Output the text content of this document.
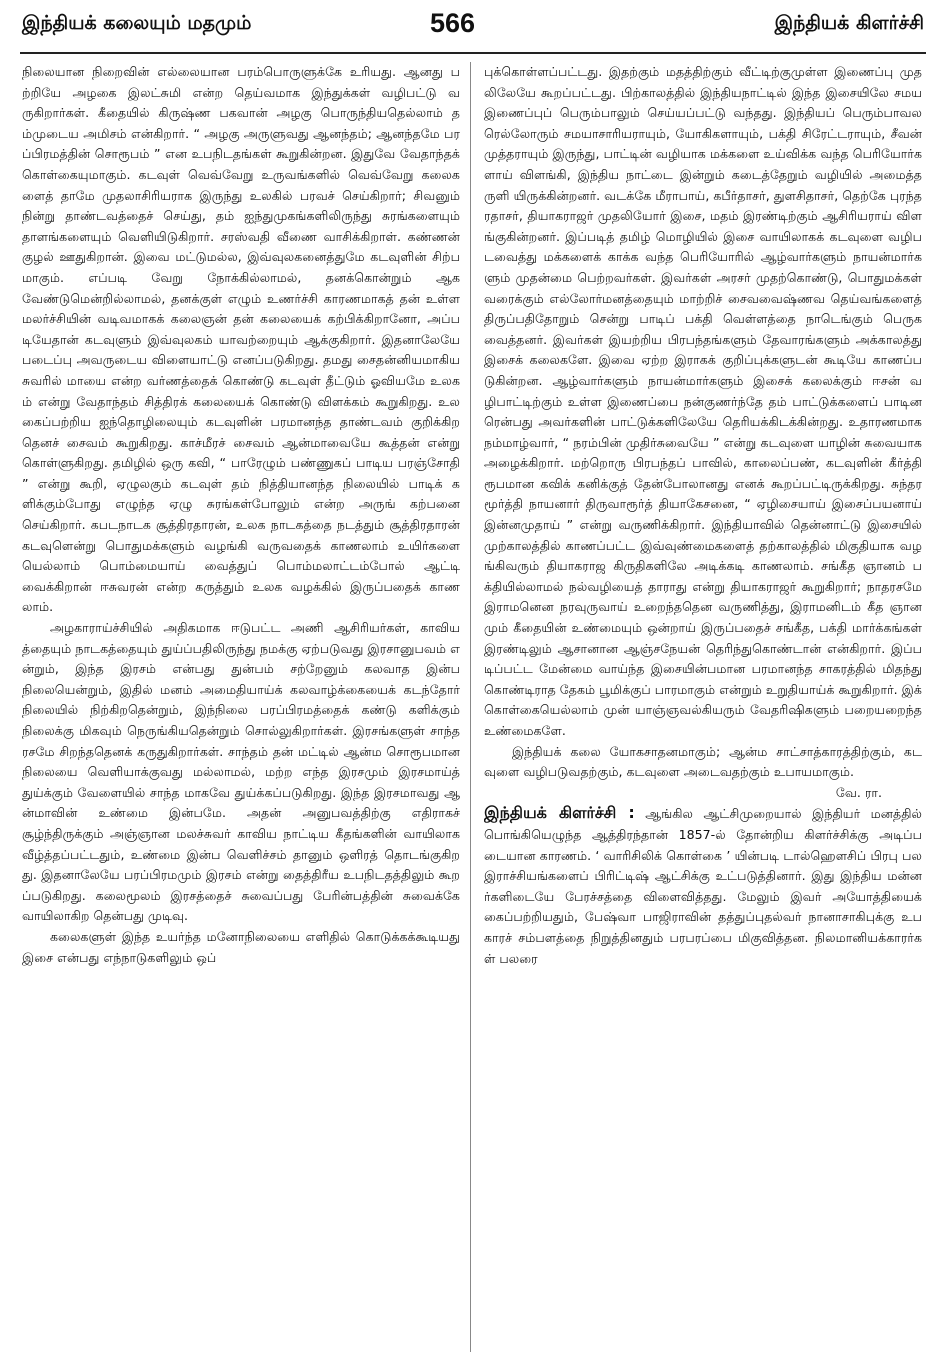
இந்தியக் கலையும் மதமும்	566	இந்தியக் கிளர்ச்சி

நிலையான நிறைவின் எல்லையான பரம்பொருளுக்கே உரியது. ஆனது பற்றியே அழகை இலட்சுமி என்ற தெய்வமாக இந்துக்கள் வழிபட்டு வருகிறார்கள். கீதையில் கிருஷ்ண பகவான் அழகு பொருந்தியதெல்லாம் தம்முடைய அமிசம் என்கிறார். “ அழகு அருளுவது ஆனந்தம்; ஆனந்தமே பரப்பிரமத்தின் சொரூபம் ” என உபநிடதங்கள் கூறுகின்றன. இதுவே வேதாந்தக் கொள்கையுமாகும். கடவுள் வெவ்வேறு உருவங்களில் வெவ்வேறு கலைகளைத் தாமே முதலாசிரியராக இருந்து உலகில் பரவச் செய்கிறார்; சிவனும் நின்று தாண்டவத்தைச் செய்து, தம் ஐந்துமுகங்களிலிருந்து சுரங்களையும் தாளங்களையும் வெளியிடுகிறார். சரஸ்வதி வீணை வாசிக்கிறாள். கண்ணன் குழல் ஊதுகிறான். இவை மட்டுமல்ல, இவ்வுலகனைத்துமே கடவுளின் சிற்பமாகும். எப்படி வேறு நோக்கில்லாமல், தனக்கொன்றும் ஆகவேண்டுமென்றில்லாமல், தனக்குள் எழும் உணர்ச்சி காரணமாகத் தன் உள்ள மலர்ச்சியின் வடிவமாகக் கலைஞன் தன் கலையைக் கற்பிக்கிறானோ, அப்படியேதான் கடவுளும் இவ்வுலகம் யாவற்றையும் ஆக்குகிறார். இதனாலேயே படைப்பு அவருடைய விளையாட்டு எனப்படுகிறது. தமது சைதன்னியமாகிய சுவரில் மாயை என்ற வர்ணத்தைக் கொண்டு கடவுள் தீட்டும் ஓவியமே உலகம் என்று வேதாந்தம் சித்திரக் கலையைக் கொண்டு விளக்கம் கூறுகிறது. உலகைப்பற்றிய ஐந்தொழிலையும் கடவுளின் பரமானந்த தாண்டவம் குறிக்கிறதெனச் சைவம் கூறுகிறது. காச்மீரச் சைவம் ஆன்மாவையே கூத்தன் என்று கொள்ளுகிறது. தமிழில் ஒரு கவி, “ பாரேழும் பண்ணுகப் பாடிய பரஞ்சோதி ” என்று கூறி, ஏழுலகும் கடவுள் தம் நித்தியானந்த நிலையில் பாடிக் களிக்கும்போது எழுந்த ஏழு சுரங்கள்போலும் என்ற அருங் கற்பனை செய்கிறார். கபடநாடக சூத்திரதாரன், உலக நாடகத்தை நடத்தும் சூத்திரதாரன் கடவுளென்று பொதுமக்களும் வழங்கி வருவதைக் காணலாம் உயிர்களை யெல்லாம் பொம்மையாய் வைத்துப் பொம்மலாட்டம்போல் ஆட்டி வைக்கிறான் ஈசுவரன் என்ற கருத்தும் உலக வழக்கில் இருப்பதைக் காணலாம்.

அழகாராய்ச்சியில் அதிகமாக ஈடுபட்ட அணி ஆசிரியர்கள், காவியத்தையும் நாடகத்தையும் துய்ப்பதிலிருந்து நமக்கு ஏற்படுவது இரசானுபவம் என்றும், இந்த இரசம் என்பது துன்பம் சற்றேனும் கலவாத இன்பநிலையென்றும், இதில் மனம் அமைதியாய்க் கலவாழ்க்கையைக் கடந்தோர் நிலையில் நிற்கிறதென்றும், இந்நிலை பரப்பிரமத்தைக் கண்டு களிக்கும் நிலைக்கு மிகவும் நெருங்கியதென்றும் சொல்லுகிறார்கள். இரசங்களுள் சாந்தரசமே சிறந்ததெனக் கருதுகிறார்கள். சாந்தம் தன் மட்டில் ஆன்ம சொரூபமான நிலையை வெளியாக்குவது மல்லாமல், மற்ற எந்த இரசமும் இரசமாய்த் துய்க்கும் வேளையில் சாந்த மாகவே துய்க்கப்படுகிறது. இந்த இரசமாவது ஆன்மாவின் உண்மை இன்பமே. அதன் அனுபவத்திற்கு எதிராகச் சூழ்ந்திருக்கும் அஞ்ஞான மலச்சுவர் காவிய நாட்டிய கீதங்களின் வாயிலாக வீழ்த்தப்பட்டதும், உண்மை இன்ப வெளிச்சம் தானும் ஒளிரத் தொடங்குகிறது. இதனாலேயே பரப்பிரமமும் இரசம் என்று தைத்திரீய உபநிடதத்திலும் கூறப்படுகிறது. கலைமூலம் இரசத்தைச் சுவைப்பது பேரின்பத்தின் சுவைக்கே வாயிலாகிற தென்பது முடிவு.

கலைகளுள் இந்த உயர்ந்த மனோநிலையை எளிதில் கொடுக்கக்கூடியது இசை என்பது எந்நாடுகளிலும் ஒப்

புக்கொள்ளப்பட்டது. இதற்கும் மதத்திற்கும் வீட்டிற்குமுள்ள இணைப்பு முதலிலேயே கூறப்பட்டது. பிற்காலத்தில் இந்தியநாட்டில் இந்த இசையிலே சமய இணைப்புப் பெரும்பாலும் செய்யப்பட்டு வந்தது. இந்தியப் பெரும்பாவலரெல்லோரும் சமயாசாரியராயும், யோகிகளாயும், பக்தி சிரேட்டராயும், சீவன் முத்தராயும் இருந்து, பாட்டின் வழியாக மக்களை உய்விக்க வந்த பெரியோர்களாய் விளங்கி, இந்திய நாட்டை இன்றும் கடைத்தேறும் வழியில் அமைத்தருளி யிருக்கின்றனர். வடக்கே மீராபாய், கபீர்தாசர், துளசிதாசர், தெற்கே புரந்தரதாசர், தியாகராஜர் முதலியோர் இசை, மதம் இரண்டிற்கும் ஆசிரியராய் விளங்குகின்றனர். இப்படித் தமிழ் மொழியில் இசை வாயிலாகக் கடவுளை வழிபடவைத்து மக்களைக் காக்க வந்த பெரியோரில் ஆழ்வார்களும் நாயன்மார்களும் முதன்மை பெற்றவர்கள். இவர்கள் அரசர் முதற்கொண்டு, பொதுமக்கள் வரைக்கும் எல்லோர்மனத்தையும் மாற்றிச் சைவவைஷ்ணவ தெய்வங்களைத் திருப்பதிதோறும் சென்று பாடிப் பக்தி வெள்ளத்தை நாடெங்கும் பெருக வைத்தனர். இவர்கள் இயற்றிய பிரபந்தங்களும் தேவாரங்களும் அக்காலத்து இசைக் கலைகளே. இவை ஏற்ற இராகக் குறிப்புக்களுடன் கூடியே காணப்படுகின்றன. ஆழ்வார்களும் நாயன்மார்களும் இசைக் கலைக்கும் ஈசன் வழிபாட்டிற்கும் உள்ள இணைப்பை நன்குணர்ந்தே தம் பாட்டுக்களைப் பாடினரென்பது அவர்களின் பாட்டுக்களிலேயே தெரியக்கிடக்கின்றது. உதாரணமாக நம்மாழ்வார், “ நரம்பின் முதிர்சுவையே ” என்று கடவுளை யாழின் சுவையாக அழைக்கிறார். மற்றொரு பிரபந்தப் பாவில், காலைப்பண், கடவுளின் கீர்த்தி ரூபமான கவிக் கனிக்குத் தேன்போலானது எனக் கூறப்பட்டிருக்கிறது. சுந்தரமூர்த்தி நாயனார் திருவாரூர்த் தியாகேசனை, “ ஏழிசையாய் இசைப்பயனாய் இன்னமுதாய் ” என்று வருணிக்கிறார். இந்தியாவில் தென்னாட்டு இசையில் முற்காலத்தில் காணப்பட்ட இவ்வுண்மைகளைத் தற்காலத்தில் மிகுதியாக வழங்கிவரும் தியாகராஜ கிருதிகளிலே அடிக்கடி காணலாம். சங்கீத ஞானம் பக்தியில்லாமல் நல்வழியைத் தாராது என்று தியாகராஜர் கூறுகிறார்; நாதரசமே இராமனென நரவுருவாய் உறைந்ததென வருணித்து, இராமனிடம் கீத ஞானமும் கீதையின் உண்மையும் ஒன்றாய் இருப்பதைச் சங்கீத, பக்தி மார்க்கங்கள் இரண்டிலும் ஆசானான ஆஞ்சநேயன் தெரிந்துகொண்டான் என்கிறார். இப்படிப்பட்ட மேன்மை வாய்ந்த இசையின்பமான பரமானந்த சாகரத்தில் மிதந்து கொண்டிராத தேகம் பூமிக்குப் பாரமாகும் என்றும் உறுதியாய்க் கூறுகிறார். இக் கொள்கையெல்லாம் முன் யாஞ்ஞவல்கியரும் வேதரிஷிகளும் பறையறைந்த உண்மைகளே.

இந்தியக் கலை யோகசாதனமாகும்; ஆன்ம சாட்சாத்காரத்திற்கும், கடவுளை வழிபடுவதற்கும், கடவுளை அடைவதற்கும் உபாயமாகும்.

வே. ரா.

இந்தியக் கிளர்ச்சி : ஆங்கில ஆட்சிமுறையால் இந்தியர் மனத்தில் பொங்கியெழுந்த ஆத்திரந்தான் 1857-ல் தோன்றிய கிளர்ச்சிக்கு அடிப்படையான காரணம். ‘ வாரிசிலிக் கொள்கை ’ யின்படி டால்ஹௌசிப் பிரபு பல இராச்சியங்களைப் பிரிட்டிஷ் ஆட்சிக்கு உட்படுத்தினார். இது இந்திய மன்னர்களிடையே பேரச்சத்தை விளைவித்தது. மேலும் இவர் அயோத்தியைக் கைப்பற்றியதும், பேஷ்வா பாஜிராவின் தத்துப்புதல்வர் நானாசாகிபுக்கு உபகாரச் சம்பளத்தை நிறுத்தினதும் பரபரப்பை மிகுவித்தன. நிலமானியக்காரர்கள் பலரை
